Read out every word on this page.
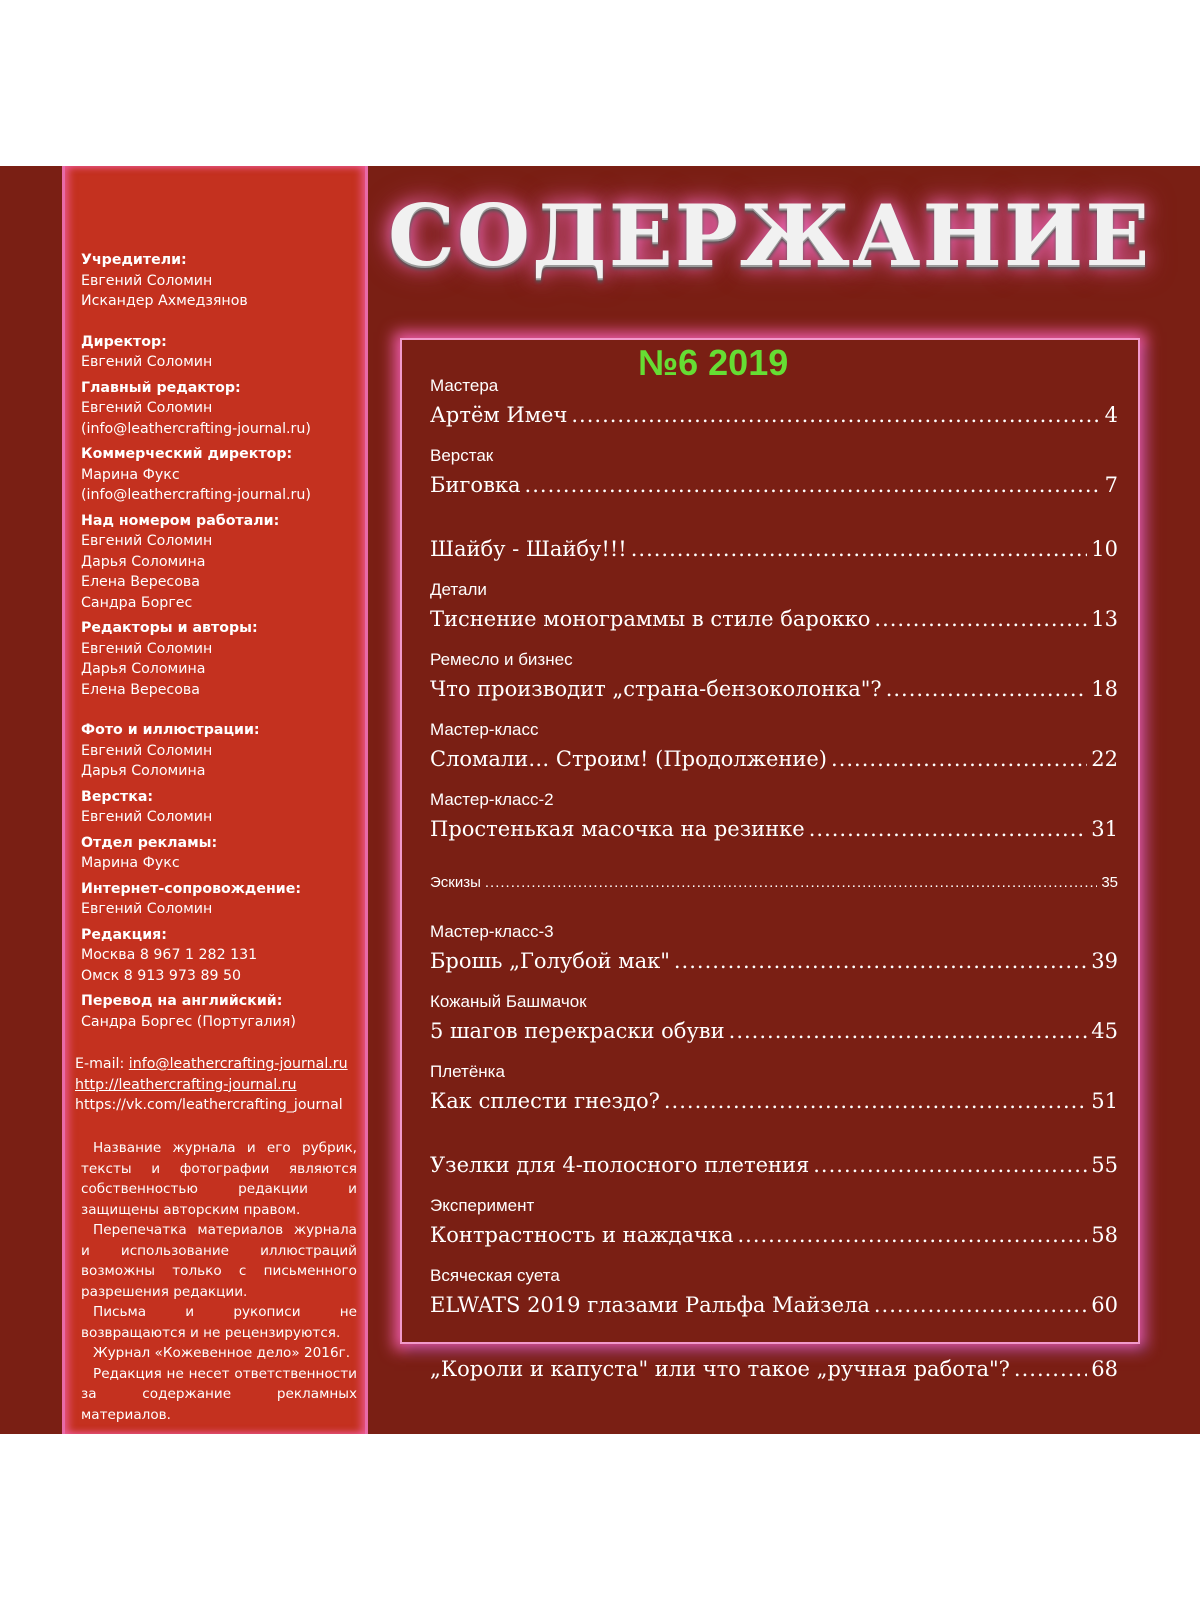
Учредители:
Евгений Соломин
Искандер Ахмедзянов
Директор:
Евгений Соломин
Главный редактор:
Евгений Соломин
(info@leathercrafting-journal.ru)
Коммерческий директор:
Марина Фукс
(info@leathercrafting-journal.ru)
Над номером работали:
Евгений Соломин
Дарья Соломина
Елена Вересова
Сандра Боргес
Редакторы и авторы:
Евгений Соломин
Дарья Соломина
Елена Вересова
Фото и иллюстрации:
Евгений Соломин
Дарья Соломина
Верстка:
Евгений Соломин
Отдел рекламы:
Марина Фукс
Интернет-сопровождение:
Евгений Соломин
Редакция:
Москва 8 967 1 282 131
Омск 8 913 973 89 50
Перевод на английский:
Сандра Боргес (Португалия)
E-mail: info@leathercrafting-journal.ru
http://leathercrafting-journal.ru
https://vk.com/leathercrafting_journal

Название журнала и его рубрик, тексты и фотографии являются собственностью редакции и защищены авторским правом.

Перепечатка материалов журнала и использование иллюстраций возможны только с письменного разрешения редакции.

Письма и рукописи не возвращаются и не рецензируются.

Журнал «Кожевенное дело» 2016г.

Редакция не несет ответственности за содержание рекламных материалов.

СОДЕРЖАНИЕ
№6 2019
Мастера
Артём Имеч .....	4
Верстак
Биговка .....	7
Шайбу - Шайбу!!! .....	10
Детали
Тиснение монограммы в стиле барокко .....	13
Ремесло и бизнес
Что производит „страна-бензоколонка"? .....	18
Мастер-класс
Сломали… Строим! (Продолжение) .....	22
Мастер-класс-2
Простенькая масочка на резинке .....	31
Эскизы .....	35
Мастер-класс-3
Брошь „Голубой мак" .....	39
Кожаный Башмачок
5 шагов перекраски обуви .....	45
Плетёнка
Как сплести гнездо? .....	51
Узелки для 4-полосного плетения .....	55
Эксперимент
Контрастность и наждачка .....	58
Всяческая суета
ELWATS 2019 глазами Ральфа Майзела .....	60
„Короли и капуста" или что такое „ручная работа"? .....	68
